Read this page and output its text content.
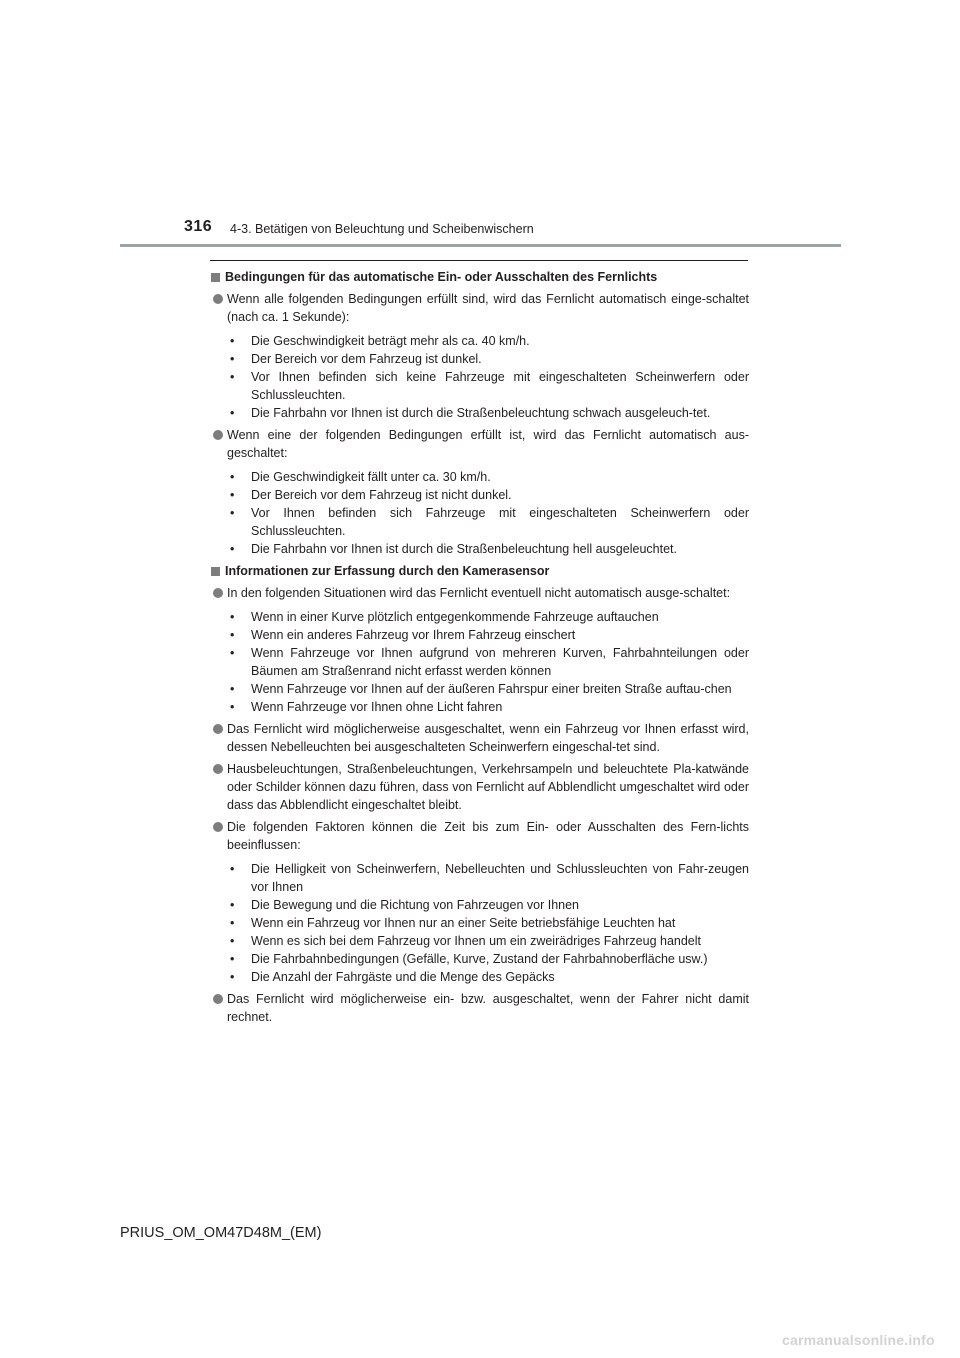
316 4-3. Betätigen von Beleuchtung und Scheibenwischern
Bedingungen für das automatische Ein- oder Ausschalten des Fernlichts
Wenn alle folgenden Bedingungen erfüllt sind, wird das Fernlicht automatisch einge-schaltet (nach ca. 1 Sekunde):
• Die Geschwindigkeit beträgt mehr als ca. 40 km/h.
• Der Bereich vor dem Fahrzeug ist dunkel.
• Vor Ihnen befinden sich keine Fahrzeuge mit eingeschalteten Scheinwerfern oder Schlussleuchten.
• Die Fahrbahn vor Ihnen ist durch die Straßenbeleuchtung schwach ausgeleuch-tet.
Wenn eine der folgenden Bedingungen erfüllt ist, wird das Fernlicht automatisch aus-geschaltet:
• Die Geschwindigkeit fällt unter ca. 30 km/h.
• Der Bereich vor dem Fahrzeug ist nicht dunkel.
• Vor Ihnen befinden sich Fahrzeuge mit eingeschalteten Scheinwerfern oder Schlussleuchten.
• Die Fahrbahn vor Ihnen ist durch die Straßenbeleuchtung hell ausgeleuchtet.
Informationen zur Erfassung durch den Kamerasensor
In den folgenden Situationen wird das Fernlicht eventuell nicht automatisch ausge-schaltet:
• Wenn in einer Kurve plötzlich entgegenkommende Fahrzeuge auftauchen
• Wenn ein anderes Fahrzeug vor Ihrem Fahrzeug einschert
• Wenn Fahrzeuge vor Ihnen aufgrund von mehreren Kurven, Fahrbahnteilungen oder Bäumen am Straßenrand nicht erfasst werden können
• Wenn Fahrzeuge vor Ihnen auf der äußeren Fahrspur einer breiten Straße auftau-chen
• Wenn Fahrzeuge vor Ihnen ohne Licht fahren
Das Fernlicht wird möglicherweise ausgeschaltet, wenn ein Fahrzeug vor Ihnen erfasst wird, dessen Nebelleuchten bei ausgeschalteten Scheinwerfern eingeschal-tet sind.
Hausbeleuchtungen, Straßenbeleuchtungen, Verkehrsampeln und beleuchtete Pla-katwände oder Schilder können dazu führen, dass von Fernlicht auf Abblendlicht umgeschaltet wird oder dass das Abblendlicht eingeschaltet bleibt.
Die folgenden Faktoren können die Zeit bis zum Ein- oder Ausschalten des Fern-lichts beeinflussen:
• Die Helligkeit von Scheinwerfern, Nebelleuchten und Schlussleuchten von Fahr-zeugen vor Ihnen
• Die Bewegung und die Richtung von Fahrzeugen vor Ihnen
• Wenn ein Fahrzeug vor Ihnen nur an einer Seite betriebsfähige Leuchten hat
• Wenn es sich bei dem Fahrzeug vor Ihnen um ein zweirädriges Fahrzeug handelt
• Die Fahrbahnbedingungen (Gefälle, Kurve, Zustand der Fahrbahnoberfläche usw.)
• Die Anzahl der Fahrgäste und die Menge des Gepäcks
Das Fernlicht wird möglicherweise ein- bzw. ausgeschaltet, wenn der Fahrer nicht damit rechnet.
PRIUS_OM_OM47D48M_(EM)
carmanualsonline.info
